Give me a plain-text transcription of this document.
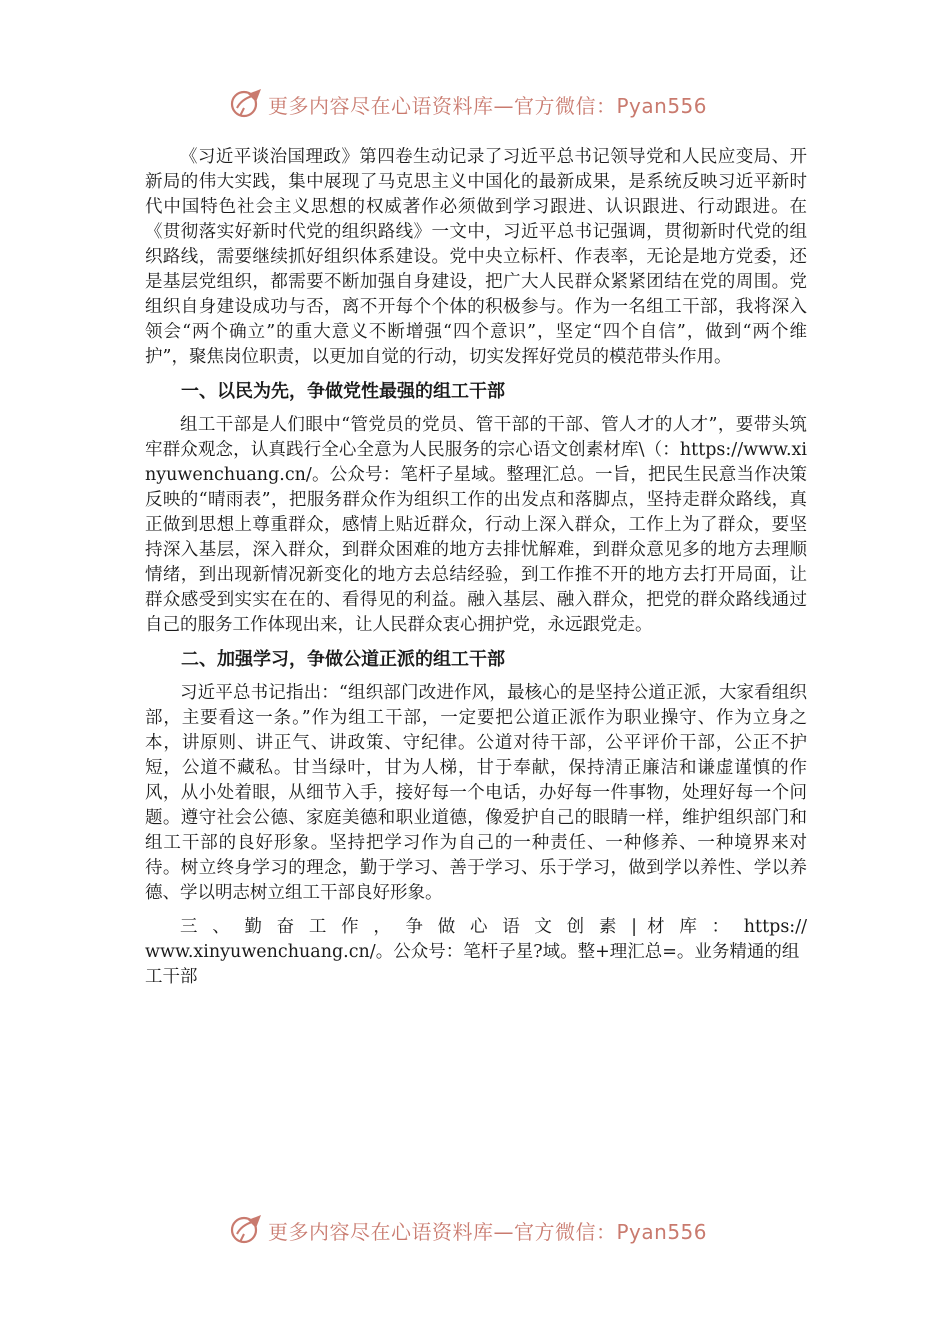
更多内容尽在心语资料库—官方微信：Pyan556

《习近平谈治国理政》第四卷生动记录了习近平总书记领导党和人民应变局、开新局的伟大实践，集中展现了马克思主义中国化的最新成果，是系统反映习近平新时代中国特色社会主义思想的权威著作必须做到学习跟进、认识跟进、行动跟进。在《贯彻落实好新时代党的组织路线》一文中，习近平总书记强调，贯彻新时代党的组织路线，需要继续抓好组织体系建设。党中央立标杆、作表率，无论是地方党委，还是基层党组织，都需要不断加强自身建设，把广大人民群众紧紧团结在党的周围。党组织自身建设成功与否，离不开每个个体的积极参与。作为一名组工干部，我将深入领会“两个确立”的重大意义不断增强“四个意识”，坚定“四个自信”，做到“两个维护”，聚焦岗位职责，以更加自觉的行动，切实发挥好党员的模范带头作用。

一、以民为先，争做党性最强的组工干部

组工干部是人们眼中“管党员的党员、管干部的干部、管人才的人才”，要带头筑牢群众观念，认真践行全心全意为人民服务的宗心语文创素材库\（：https://www.xinyuwenchuang.cn/。公众号：笔杆子星域。整理汇总。一旨，把民生民意当作决策反映的“晴雨表”，把服务群众作为组织工作的出发点和落脚点，坚持走群众路线，真正做到思想上尊重群众，感情上贴近群众，行动上深入群众，工作上为了群众，要坚持深入基层，深入群众，到群众困难的地方去排忧解难，到群众意见多的地方去理顺情绪，到出现新情况新变化的地方去总结经验，到工作推不开的地方去打开局面，让群众感受到实实在在的、看得见的利益。融入基层、融入群众，把党的群众路线通过自己的服务工作体现出来，让人民群众衷心拥护党，永远跟党走。

二、加强学习，争做公道正派的组工干部

习近平总书记指出：“组织部门改进作风，最核心的是坚持公道正派，大家看组织部，主要看这一条。”作为组工干部，一定要把公道正派作为职业操守、作为立身之本，讲原则、讲正气、讲政策、守纪律。公道对待干部，公平评价干部，公正不护短，公道不藏私。甘当绿叶，甘为人梯，甘于奉献，保持清正廉洁和谦虚谨慎的作风，从小处着眼，从细节入手，接好每一个电话，办好每一件事物，处理好每一个问题。遵守社会公德、家庭美德和职业道德，像爱护自己的眼睛一样，维护组织部门和组工干部的良好形象。坚持把学习作为自己的一种责任、一种修养、一种境界来对待。树立终身学习的理念，勤于学习、善于学习、乐于学习，做到学以养性、学以养德、学以明志树立组工干部良好形象。

三 、 勤 奋 工 作 ， 争 做 心 语 文 创 素 | 材 库 ： https://
www.xinyuwenchuang.cn/。公众号：笔杆子星?域。整+理汇总=。业务精通的组
工干部
更多内容尽在心语资料库—官方微信：Pyan556
